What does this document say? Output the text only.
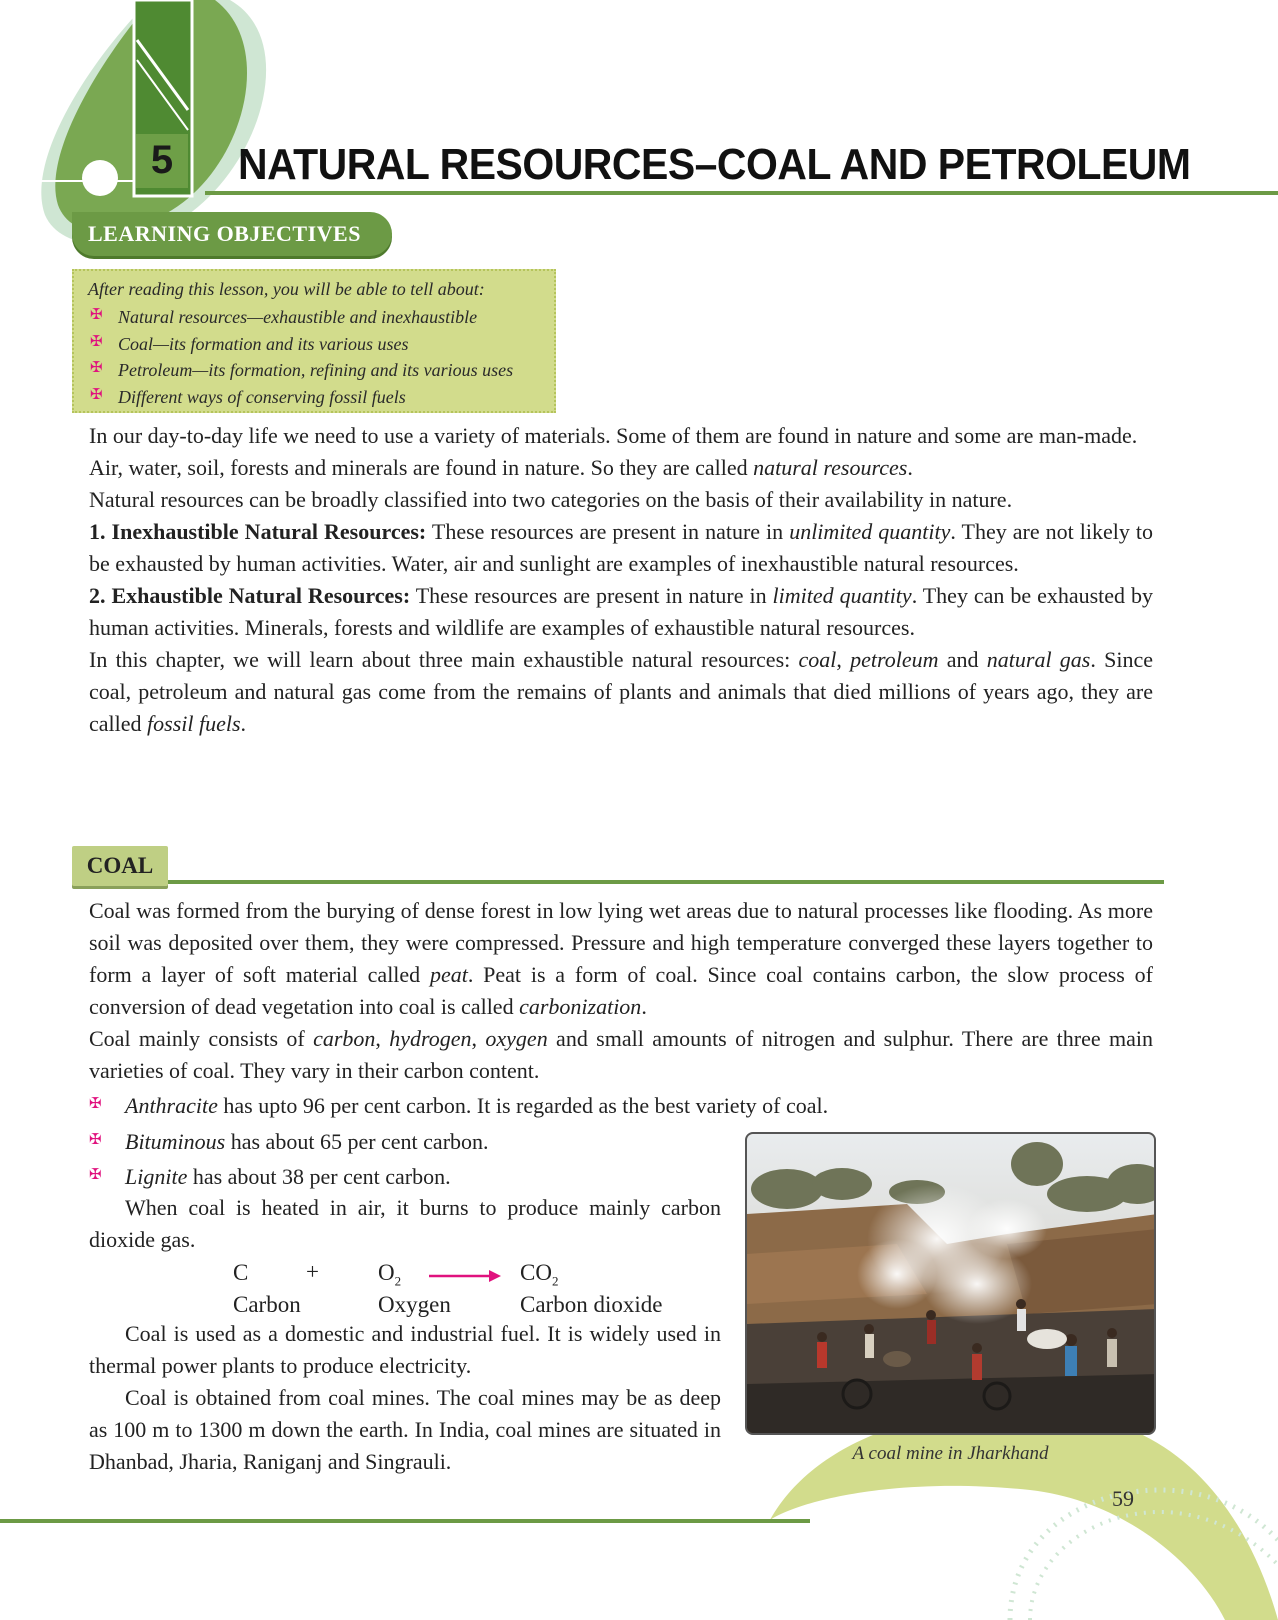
5	NATURAL RESOURCES–COAL AND PETROLEUM
LEARNING OBJECTIVES

After reading this lesson, you will be able to tell about:

✠ Natural resources—exhaustible and inexhaustible
✠ Coal—its formation and its various uses
✠ Petroleum—its formation, refining and its various uses
✠ Different ways of conserving fossil fuels

In our day-to-day life we need to use a variety of materials. Some of them are found in nature and some are man-made.

Air, water, soil, forests and minerals are found in nature. So they are called natural resources.

Natural resources can be broadly classified into two categories on the basis of their availability in nature.

1. Inexhaustible Natural Resources: These resources are present in nature in unlimited quantity. They are not likely to be exhausted by human activities. Water, air and sunlight are examples of inexhaustible natural resources.

2. Exhaustible Natural Resources: These resources are present in nature in limited quantity. They can be exhausted by human activities. Minerals, forests and wildlife are examples of exhaustible natural resources.

In this chapter, we will learn about three main exhaustible natural resources: coal, petroleum and natural gas. Since coal, petroleum and natural gas come from the remains of plants and animals that died millions of years ago, they are called fossil fuels.

COAL

Coal was formed from the burying of dense forest in low lying wet areas due to natural processes like flooding. As more soil was deposited over them, they were compressed. Pressure and high temperature converged these layers together to form a layer of soft material called peat. Peat is a form of coal. Since coal contains carbon, the slow process of conversion of dead vegetation into coal is called carbonization.

Coal mainly consists of carbon, hydrogen, oxygen and small amounts of nitrogen and sulphur. There are three main varieties of coal. They vary in their carbon content.

✠ Anthracite has upto 96 per cent carbon. It is regarded as the best variety of coal.
✠ Bituminous has about 65 per cent carbon.
✠ Lignite has about 38 per cent carbon.

When coal is heated in air, it burns to produce mainly carbon dioxide gas.

C	+	$O_2$	$CO_2$
Carbon	Oxygen	Carbon dioxide

Coal is used as a domestic and industrial fuel. It is widely used in thermal power plants to produce electricity.

Coal is obtained from coal mines. The coal mines may be as deep as 100 m to 1300 m down the earth. In India, coal mines are situated in Dhanbad, Jharia, Raniganj and Singrauli.	A coal mine in Jharkhand
59
